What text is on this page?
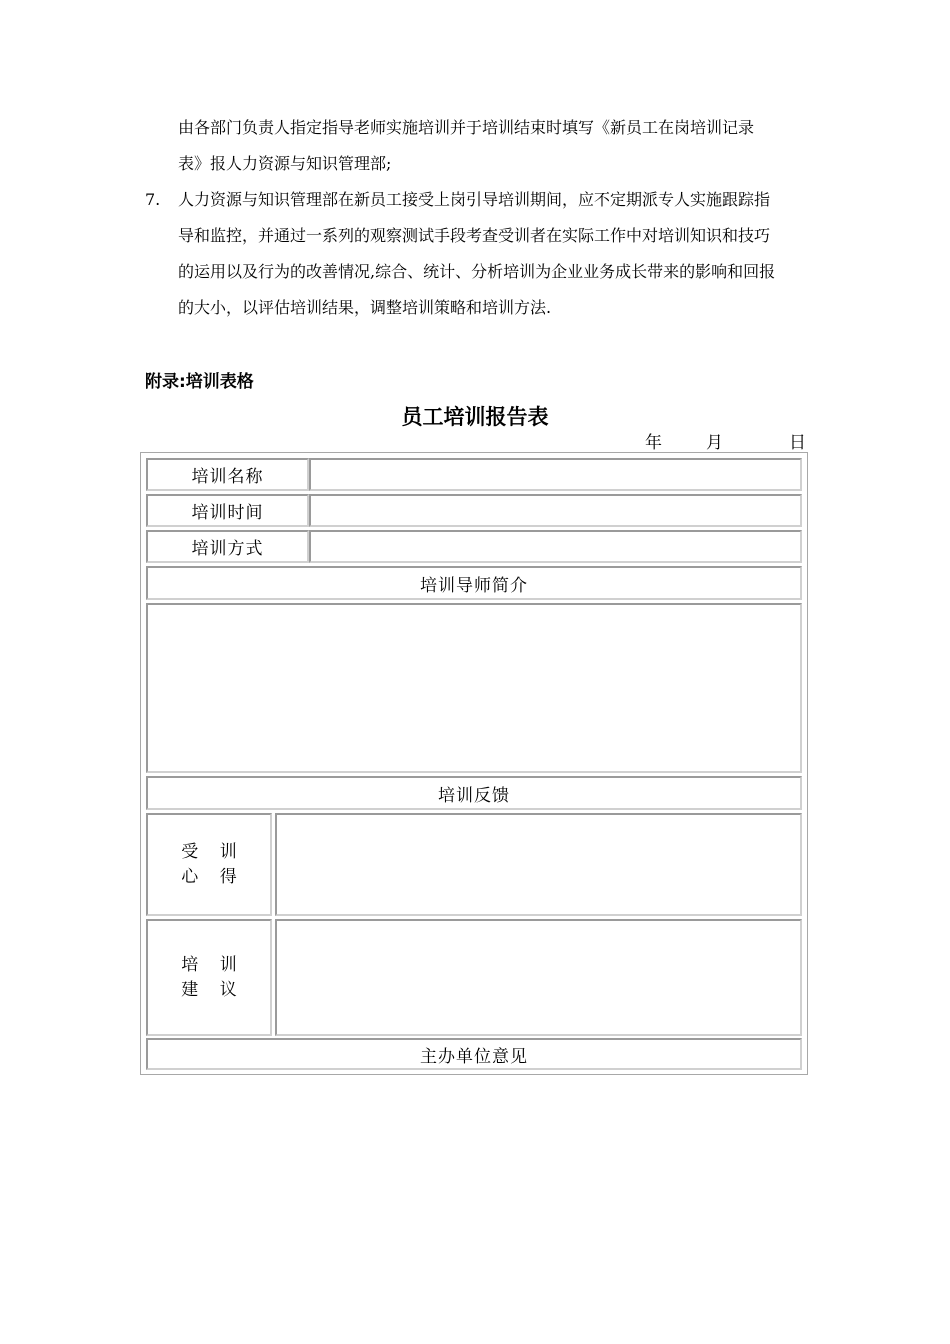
由各部门负责人指定指导老师实施培训并于培训结束时填写《新员工在岗培训记录
表》报人力资源与知识管理部;
7. 人力资源与知识管理部在新员工接受上岗引导培训期间，应不定期派专人实施跟踪指
导和监控，并通过一系列的观察测试手段考查受训者在实际工作中对培训知识和技巧
的运用以及行为的改善情况,综合、统计、分析培训为企业业务成长带来的影响和回报
的大小，以评估培训结果，调整培训策略和培训方法.
附录:培训表格
员工培训报告表
年	月	日
培训名称
培训时间
培训方式
培训导师简介
培训反馈
受    训
心    得
培    训
建    议
主办单位意见
